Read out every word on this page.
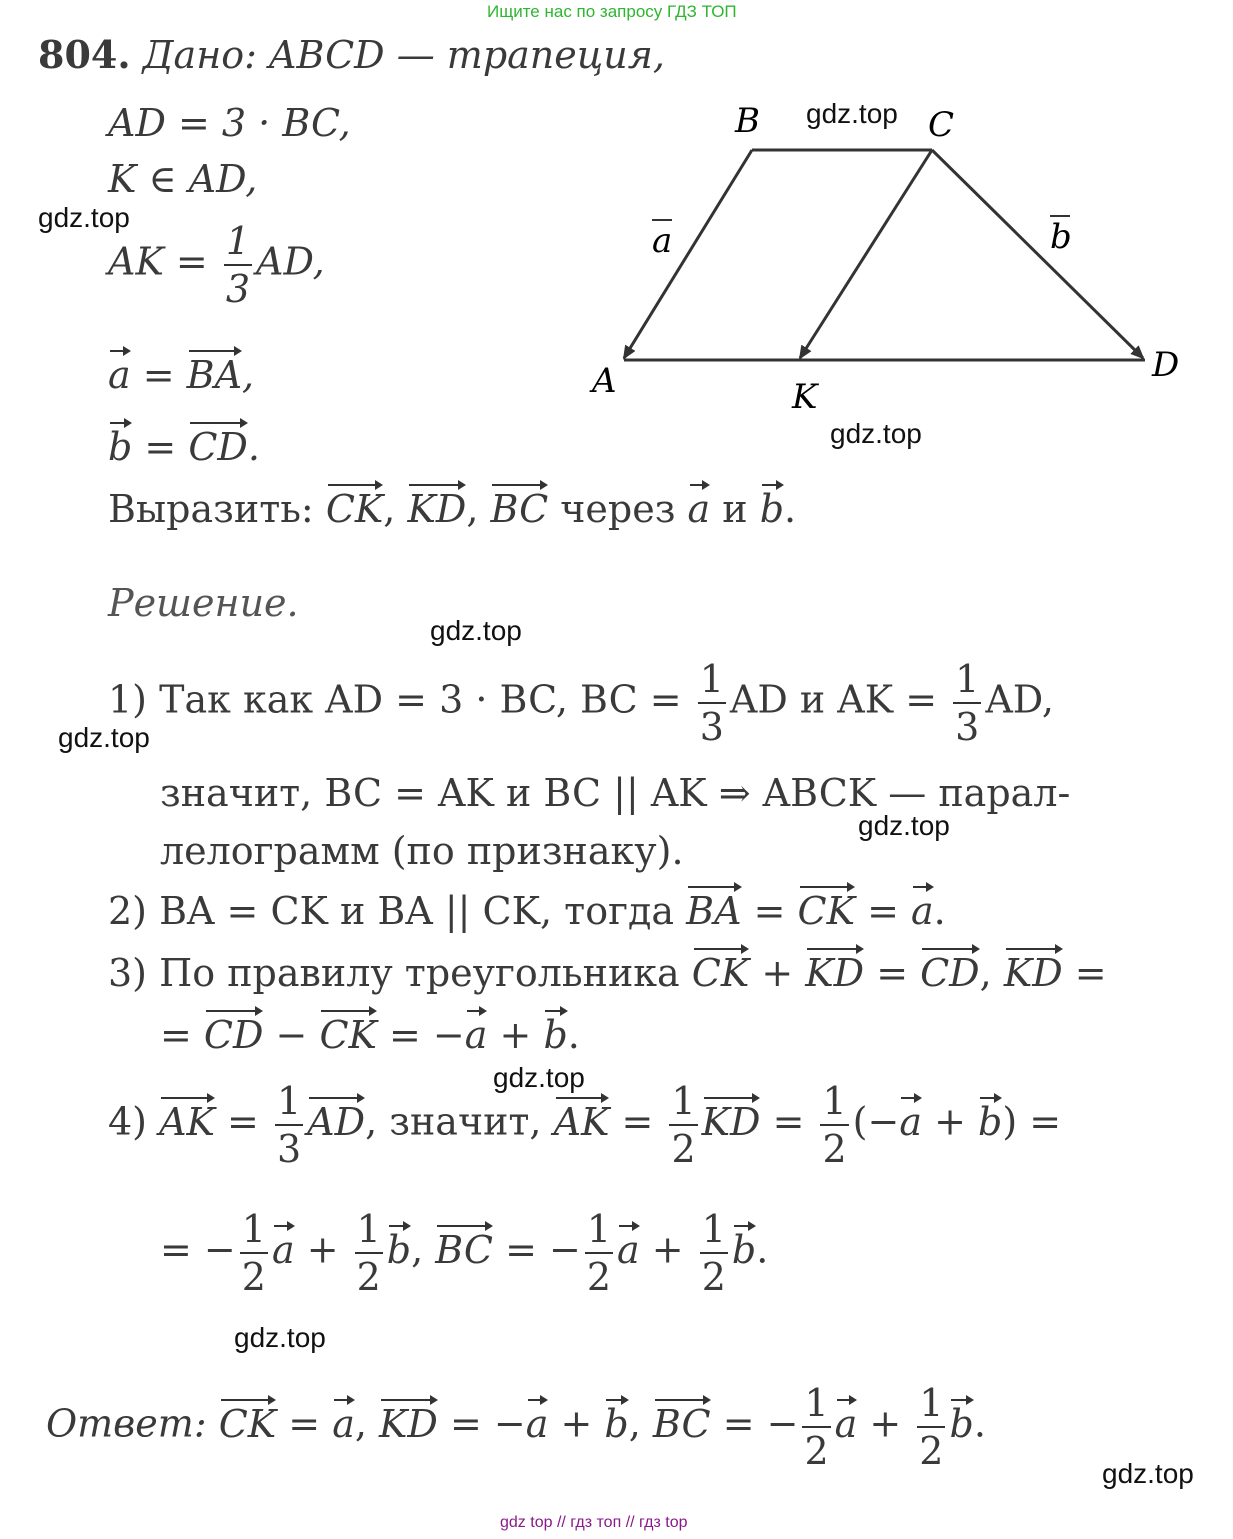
Ищите нас по запросу ГДЗ ТОП
804. Дано: ABCD — трапеция,
AD = 3 · BC,
K ∈ AD,
AK = $\frac{1}{3}$ AD,
a = BA,
b = CD.
Выразить: CK, KD, BC через a и b.
B	C
A	K
D
a	b
Решение.
1) Так как AD = 3 · BC, BC = $\frac{1}{3}$ AD и AK = $\frac{1}{3}$ AD,
значит, BC = AK и BC || AK ⇒ ABCK — парал-
лелограмм (по признаку).
2) BA = CK и BA || CK, тогда BA = CK = a.
3) По правилу треугольника CK + KD = CD, KD =
= CD − CK = −a + b.
4) AK = $\frac{1}{3}$ AD, значит, AK = $\frac{1}{2}$ KD = $\frac{1}{2} (-a + b)$ =
= − $\frac{1}{2}$ $a + \frac{1}{2} b$, BC = − $\frac{1}{2}$ $a + \frac{1}{2} b$.
Ответ: CK = a, KD = −a + b, BC = − $\frac{1}{2}$ $a + \frac{1}{2} b$.
gdz.top
gdz.top
gdz.top
gdz.top
gdz.top
gdz.top
gdz.top
gdz.top
gdz.top
gdz top // гдз топ // гдз top
